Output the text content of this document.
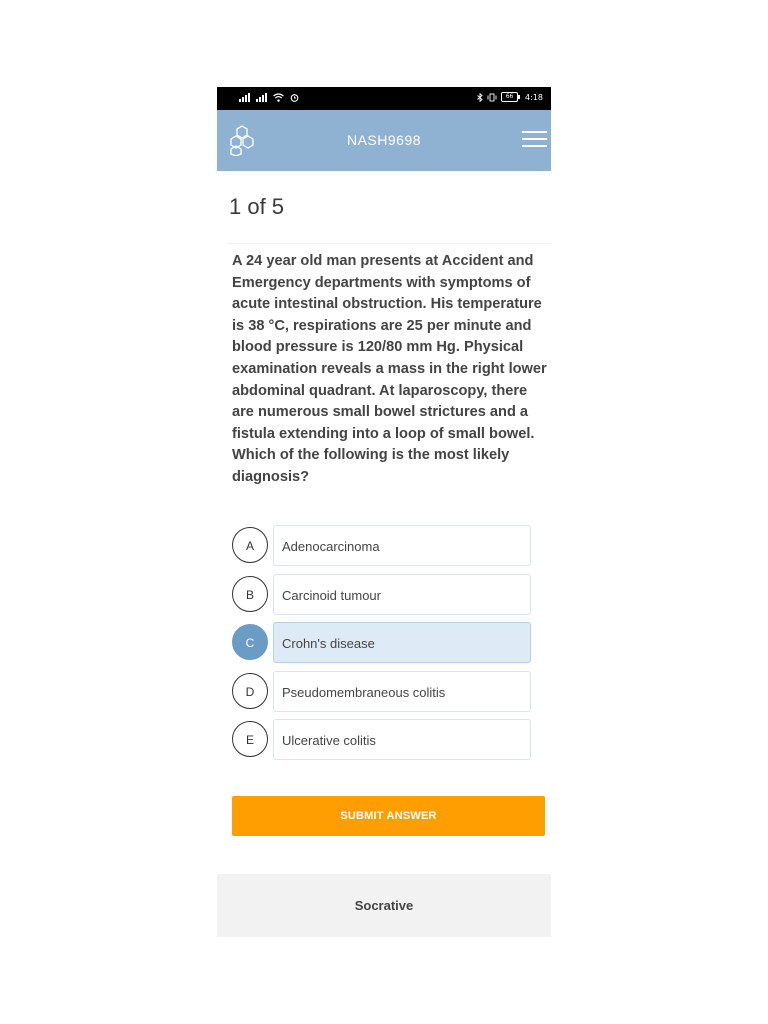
66	4:18
NASH9698
1 of 5
A 24 year old man presents at Accident and Emergency departments with symptoms of acute intestinal obstruction. His temperature is 38 °C, respirations are 25 per minute and blood pressure is 120/80 mm Hg. Physical examination reveals a mass in the right lower abdominal quadrant. At laparoscopy, there are numerous small bowel strictures and a fistula extending into a loop of small bowel. Which of the following is the most likely diagnosis?
A	Adenocarcinoma
B	Carcinoid tumour
C	Crohn's disease
D	Pseudomembraneous colitis
E	Ulcerative colitis
SUBMIT ANSWER
Socrative
